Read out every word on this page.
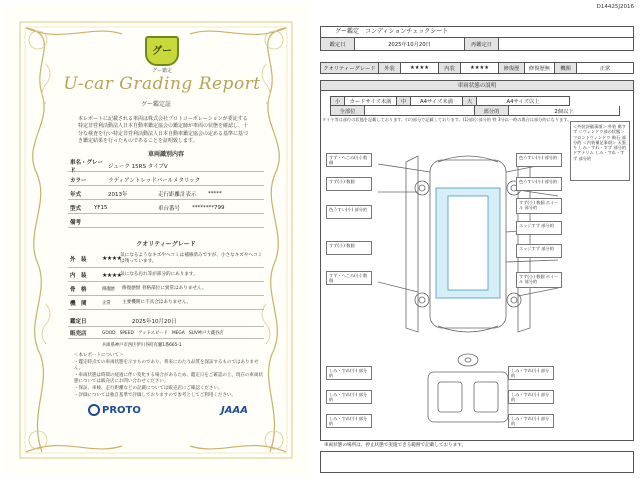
グー
グー鑑定
U-car Grading Report
グー鑑定証
本レポートに記載される車両は株式会社プロトコーポレーションが委託する特定非営利活動法人日本自動車鑑定協会の鑑定師が車両の状態を確認し、十分な検査を行い特定非営利活動法人日本自動車鑑定協会の定める基準に基づき鑑定結果を行ったものであることを証明致します。
車両識別内容
車名・グレード
ジューク 15RS タイプV
カラー	ラディアントレッドパールメタリック
年式	2013年	走行距離計表示	*****
型式	YF15	車台番号	********799
備考
クオリティーグレード
外　装	★★★★
気になるようなキズやヘコミは補修済みですが、小さなキズやヘコミは残っています。
内　装	★★★★
気になる汚れ等が部分的にあります。
骨　格	修復歴	修復歴無 骨格部位に異常はありません。
機　関	正常	主要機関に不具合はありません。
鑑定日	2025年10月20日
販売店	GOOD　SPEED　グッドスピード　MEGA　SUV神戸大蔵谷店
兵庫県神戸市西区伊川谷町有瀬1番665-1
＜本レポートについて＞
・鑑定時点での車両状態を示すものであり、将来にわたり品質を保証するものではありません。
・車両状態は時間の経過に伴い変化する場合があるため、鑑定日をご確認の上、現在の車両状態については販売店にお問い合わせください。
・保証、車検、走行距離などの記載については販売店にご確認ください。
・評価については独自基準で評価しておりますので参考としてご利用ください。
PROTO	JAAA
D14425J2016
グー鑑定　コンディションチェックシート
鑑定日	2025年10月20日	再鑑定日
クオリティーグレード	外装	★★★★	内装	★★★★	修復歴	修復歴無	機関	正常
車両状態の説明
小	カードサイズ未満	中	A4サイズ未満	大	A4サイズ以上
全部位	部分的	2個以上
タイヤ等は部位の状態を記載しております。(ロ)部分で記載しております。(1)部位:部分的 特 3分以一時の場合は部分的になります。
すず・へこみ(小) 数個
すず(小) 数個
色うすい(小) 部分的
すず(小) 数個
すず・へこみ(小) 数個
色うすい(小) 部分的
色うすい(小) 部分的
すず(小) 数個 ホイール 部分的
エッジすず 部分的
エッジすず 部分的
すず(小) 数個 ホイール 部分的
しみ・すれ(小) 部分的
しみ・すれ(小) 部分的
しみ・すれ(小) 部分的
しみ・すれ(小) 部分的
しみ・すれ(小) 部分的
しみ・すれ(小) 部分的
＜外装評価事項＞ 外装 傷すず ＜ウィンドウ部の状態＞ フロントウィンドウ 飛石 部分的 ＜内装補足事項＞ 天張り しみ・すれ・すず 部分的 ドアトリム しみ・すれ・すず 部分的
車両状態の場所は、停止状態で実施できる範囲で記載しております。
